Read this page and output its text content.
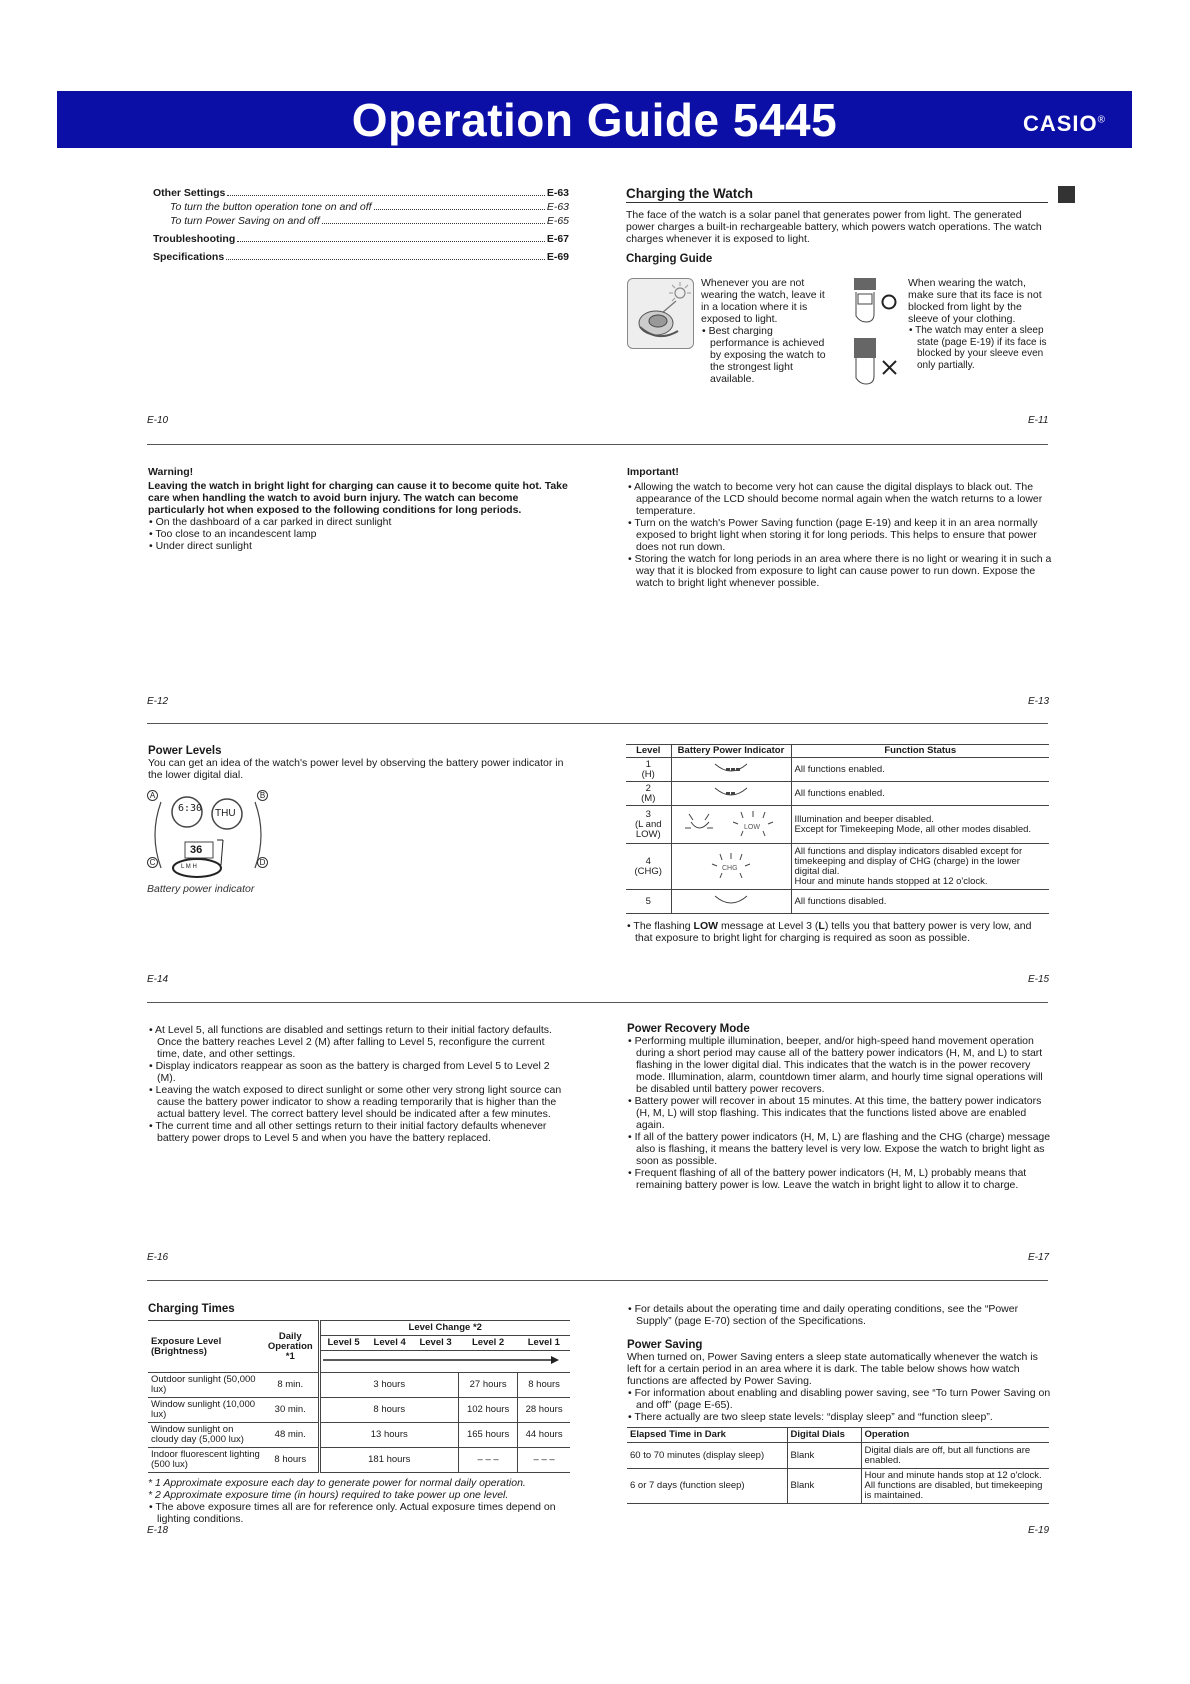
Operation Guide 5445	CASIO®
Other Settings	E-63
To turn the button operation tone on and off	E-63
To turn Power Saving on and off	E-65
Troubleshooting	E-67
Specifications	E-69
Charging the Watch
The face of the watch is a solar panel that generates power from light. The generated power charges a built-in rechargeable battery, which powers watch operations. The watch charges whenever it is exposed to light.
Charging Guide
Whenever you are not wearing the watch, leave it in a location where it is exposed to light.
• Best charging performance is achieved by exposing the watch to the strongest light available.
When wearing the watch, make sure that its face is not blocked from light by the sleeve of your clothing.
• The watch may enter a sleep state (page E-19) if its face is blocked by your sleeve even only partially.
E-10	E-11
Warning!
Leaving the watch in bright light for charging can cause it to become quite hot. Take care when handling the watch to avoid burn injury. The watch can become particularly hot when exposed to the following conditions for long periods.
• On the dashboard of a car parked in direct sunlight
• Too close to an incandescent lamp
• Under direct sunlight
Important!
• Allowing the watch to become very hot can cause the digital displays to black out. The appearance of the LCD should become normal again when the watch returns to a lower temperature.
• Turn on the watch's Power Saving function (page E-19) and keep it in an area normally exposed to bright light when storing it for long periods. This helps to ensure that power does not run down.
• Storing the watch for long periods in an area where there is no light or wearing it in such a way that it is blocked from exposure to light can cause power to run down. Expose the watch to bright light whenever possible.
E-12	E-13
Power Levels
You can get an idea of the watch's power level by observing the battery power indicator in the lower digital dial.
6:30 THU
36
L M H
A	B
C	D
Battery power indicator
Level	Battery Power Indicator	Function Status
1
(H)		All functions enabled.
2
(M)		All functions enabled.
3
(L and
LOW)	LOW	Illumination and beeper disabled.
Except for Timekeeping Mode, all other modes disabled.
4
(CHG)	CHG	All functions and display indicators disabled except for timekeeping and display of CHG (charge) in the lower digital dial.
Hour and minute hands stopped at 12 o'clock.
5		All functions disabled.
• The flashing LOW message at Level 3 (L) tells you that battery power is very low, and that exposure to bright light for charging is required as soon as possible.
E-14	E-15
• At Level 5, all functions are disabled and settings return to their initial factory defaults. Once the battery reaches Level 2 (M) after falling to Level 5, reconfigure the current time, date, and other settings.
• Display indicators reappear as soon as the battery is charged from Level 5 to Level 2 (M).
• Leaving the watch exposed to direct sunlight or some other very strong light source can cause the battery power indicator to show a reading temporarily that is higher than the actual battery level. The correct battery level should be indicated after a few minutes.
• The current time and all other settings return to their initial factory defaults whenever battery power drops to Level 5 and when you have the battery replaced.
Power Recovery Mode
• Performing multiple illumination, beeper, and/or high-speed hand movement operation during a short period may cause all of the battery power indicators (H, M, and L) to start flashing in the lower digital dial. This indicates that the watch is in the power recovery mode. Illumination, alarm, countdown timer alarm, and hourly time signal operations will be disabled until battery power recovers.
• Battery power will recover in about 15 minutes. At this time, the battery power indicators (H, M, L) will stop flashing. This indicates that the functions listed above are enabled again.
• If all of the battery power indicators (H, M, L) are flashing and the CHG (charge) message also is flashing, it means the battery level is very low. Expose the watch to bright light as soon as possible.
• Frequent flashing of all of the battery power indicators (H, M, L) probably means that remaining battery power is low. Leave the watch in bright light to allow it to charge.
E-16	E-17
Charging Times
Exposure Level (Brightness)	Daily Operation *1	Level Change *2				
		Level 5	Level 4	Level 3	Level 2	Level 1

Outdoor sunlight (50,000 lux)	8 min.	3 hours			27 hours	8 hours
Window sunlight (10,000 lux)	30 min.	8 hours			102 hours	28 hours
Window sunlight on cloudy day (5,000 lux)	48 min.	13 hours			165 hours	44 hours
Indoor fluorescent lighting (500 lux)	8 hours	181 hours			– – –	– – –
* 1 Approximate exposure each day to generate power for normal daily operation.
* 2 Approximate exposure time (in hours) required to take power up one level.
• The above exposure times all are for reference only. Actual exposure times depend on lighting conditions.
• For details about the operating time and daily operating conditions, see the “Power Supply” (page E-70) section of the Specifications.
Power Saving
When turned on, Power Saving enters a sleep state automatically whenever the watch is left for a certain period in an area where it is dark. The table below shows how watch functions are affected by Power Saving.
• For information about enabling and disabling power saving, see “To turn Power Saving on and off” (page E-65).
• There actually are two sleep state levels: “display sleep” and “function sleep”.
Elapsed Time in Dark	Digital Dials	Operation
60 to 70 minutes (display sleep)	Blank	Digital dials are off, but all functions are enabled.
6 or 7 days (function sleep)	Blank	Hour and minute hands stop at 12 o'clock. All functions are disabled, but timekeeping is maintained.
E-18	E-19
